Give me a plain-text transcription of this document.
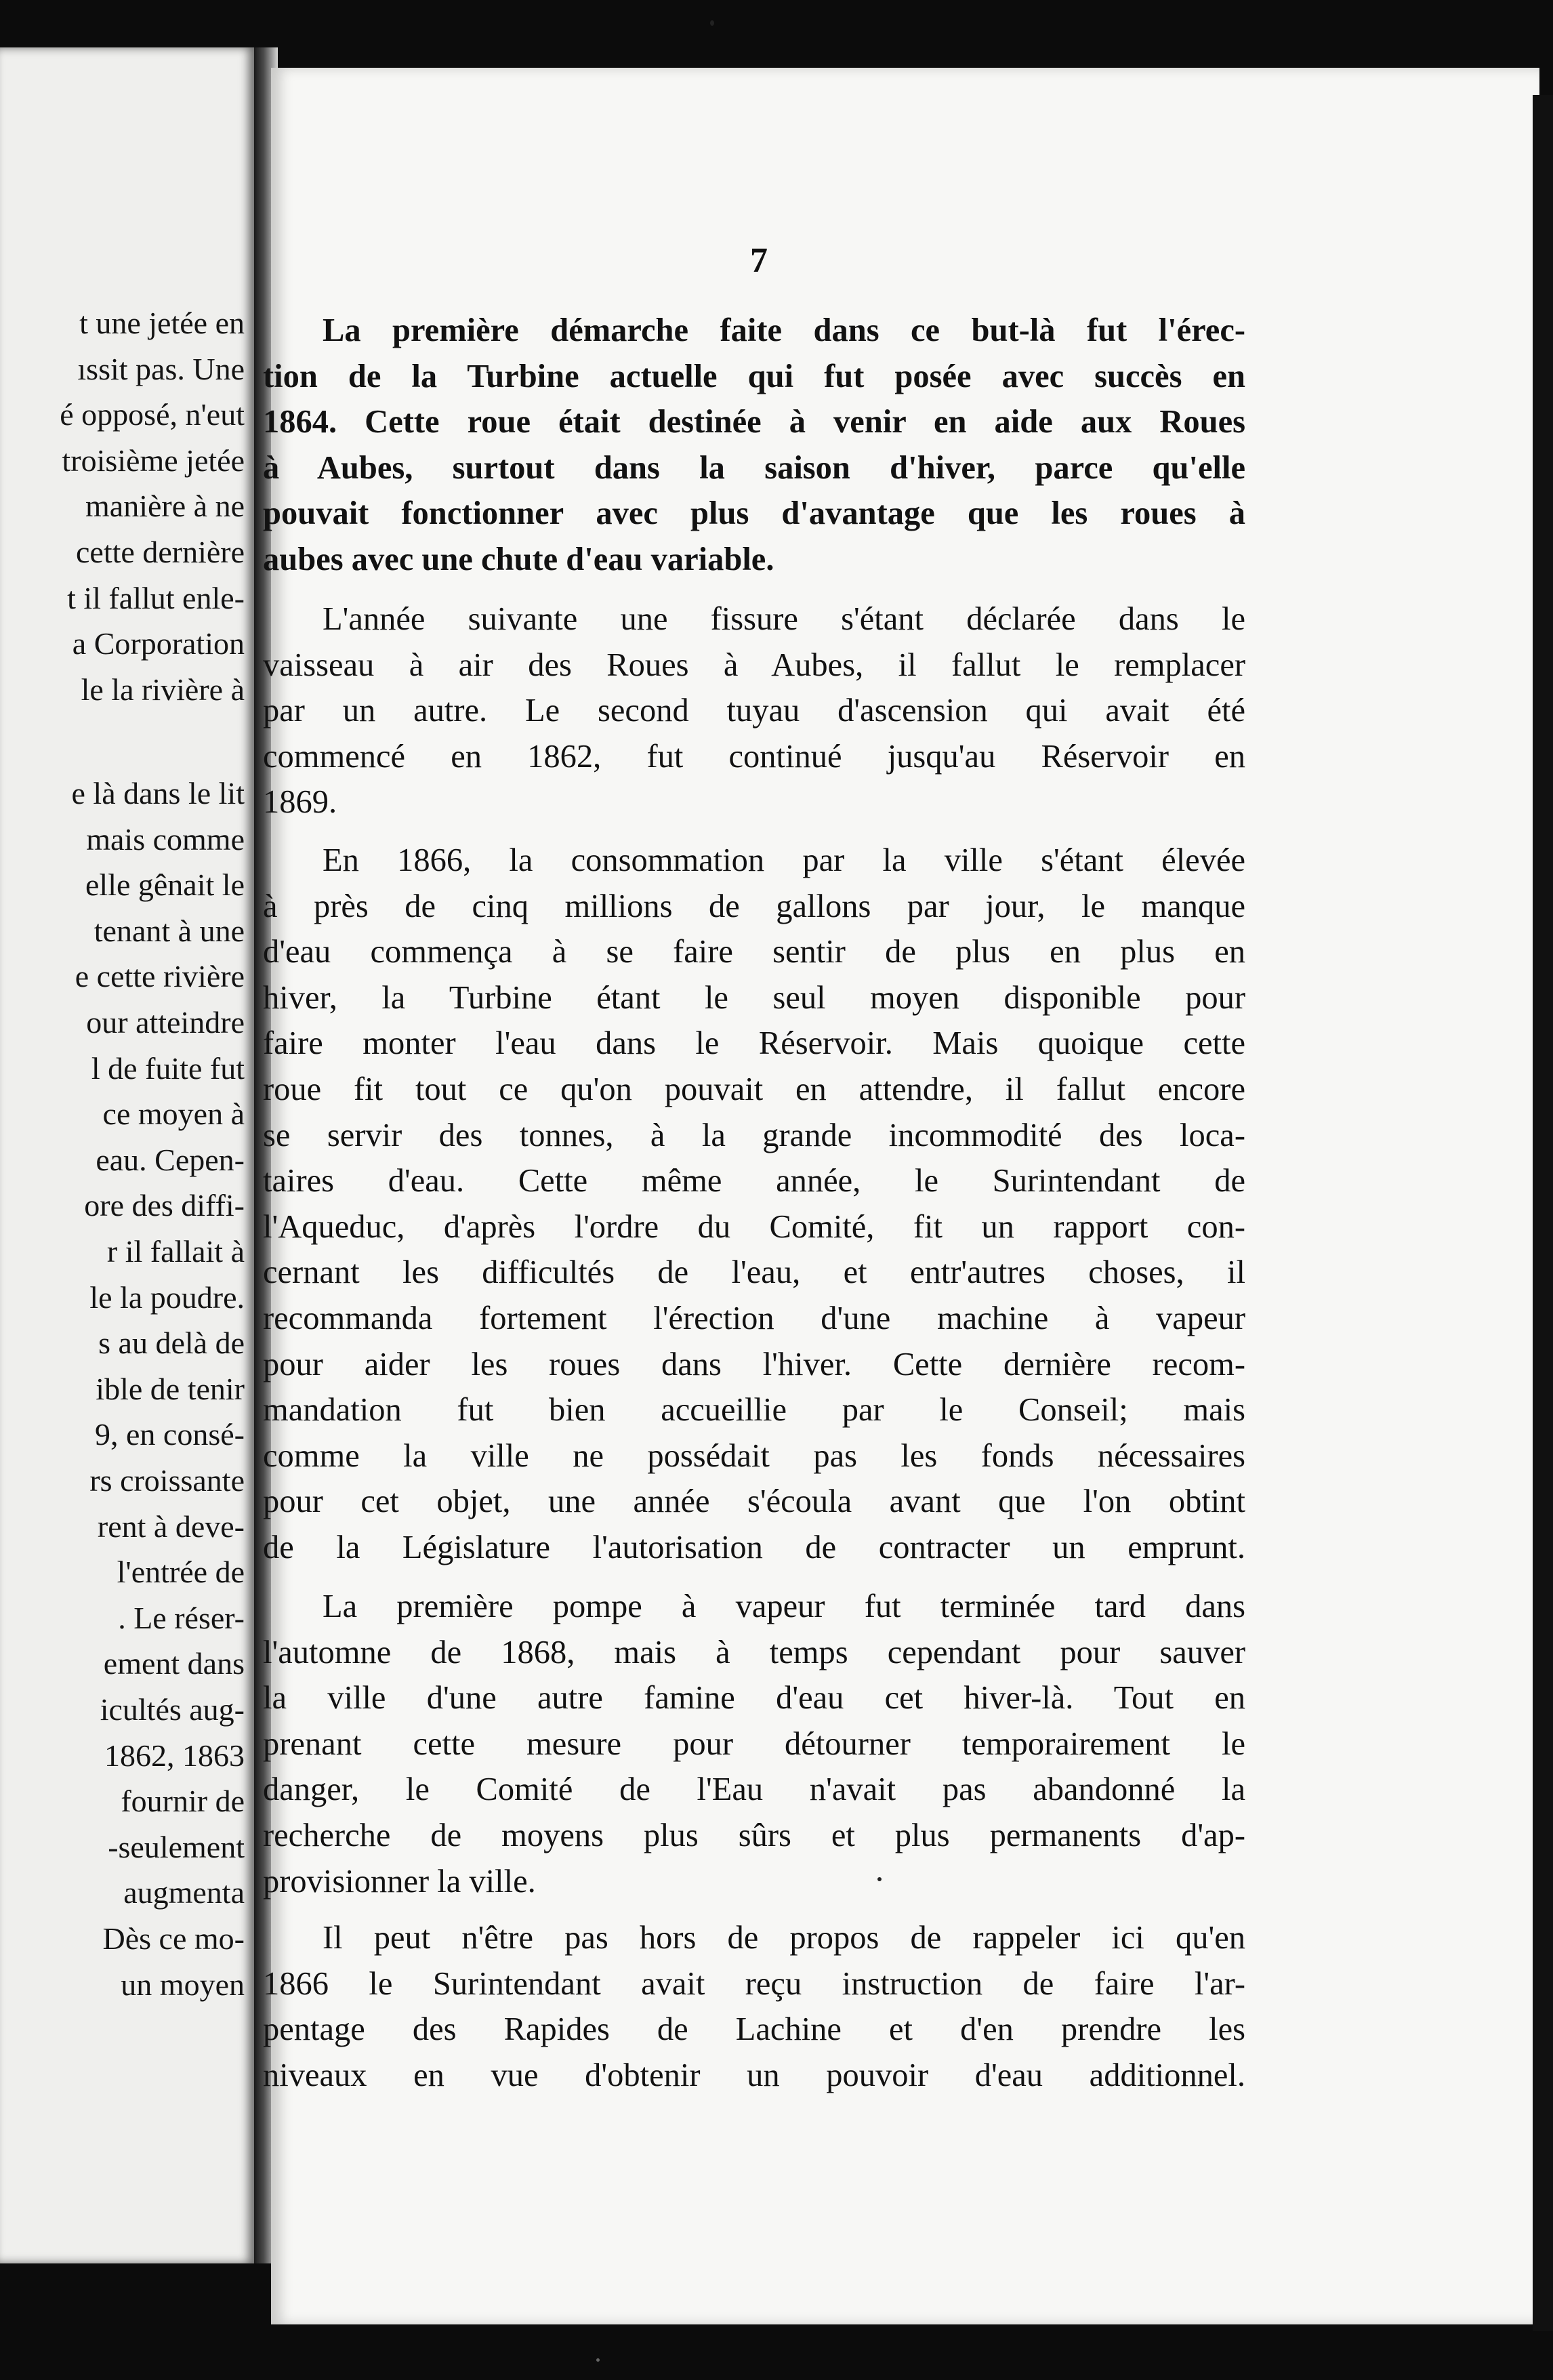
t une jetée en
ıssit pas. Une
é opposé, n'eut
troisième jetée
manière à ne
cette dernière
t il fallut enle-
a Corporation
le la rivière à
e là dans le lit
mais comme
elle gênait le
tenant à une
e cette rivière
our atteindre
l de fuite fut
ce moyen à
eau. Cepen-
ore des diffi-
r il fallait à
le la poudre.
s au delà de
ible de tenir
9, en consé-
rs croissante
rent à deve-
l'entrée de
. Le réser-
ement dans
icultés aug-
1862, 1863
fournir de
-seulement
augmenta
Dès ce mo-
un moyen
7
La première démarche faite dans ce but-là fut l'érec-
tion de la Turbine actuelle qui fut posée avec succès en
1864. Cette roue était destinée à venir en aide aux Roues
à Aubes, surtout dans la saison d'hiver, parce qu'elle
pouvait fonctionner avec plus d'avantage que les roues à
aubes avec une chute d'eau variable.
L'année suivante une fissure s'étant déclarée dans le
vaisseau à air des Roues à Aubes, il fallut le remplacer
par un autre. Le second tuyau d'ascension qui avait été
commencé en 1862, fut continué jusqu'au Réservoir en
1869.
En 1866, la consommation par la ville s'étant élevée
à près de cinq millions de gallons par jour, le manque
d'eau commença à se faire sentir de plus en plus en
hiver, la Turbine étant le seul moyen disponible pour
faire monter l'eau dans le Réservoir. Mais quoique cette
roue fit tout ce qu'on pouvait en attendre, il fallut encore
se servir des tonnes, à la grande incommodité des loca-
taires d'eau. Cette même année, le Surintendant de
l'Aqueduc, d'après l'ordre du Comité, fit un rapport con-
cernant les difficultés de l'eau, et entr'autres choses, il
recommanda fortement l'érection d'une machine à vapeur
pour aider les roues dans l'hiver. Cette dernière recom-
mandation fut bien accueillie par le Conseil; mais
comme la ville ne possédait pas les fonds nécessaires
pour cet objet, une année s'écoula avant que l'on obtint
de la Législature l'autorisation de contracter un emprunt.
La première pompe à vapeur fut terminée tard dans
l'automne de 1868, mais à temps cependant pour sauver
la ville d'une autre famine d'eau cet hiver-là. Tout en
prenant cette mesure pour détourner temporairement le
danger, le Comité de l'Eau n'avait pas abandonné la
recherche de moyens plus sûrs et plus permanents d'ap-
provisionner la ville.
Il peut n'être pas hors de propos de rappeler ici qu'en
1866 le Surintendant avait reçu instruction de faire l'ar-
pentage des Rapides de Lachine et d'en prendre les
niveaux en vue d'obtenir un pouvoir d'eau additionnel.
